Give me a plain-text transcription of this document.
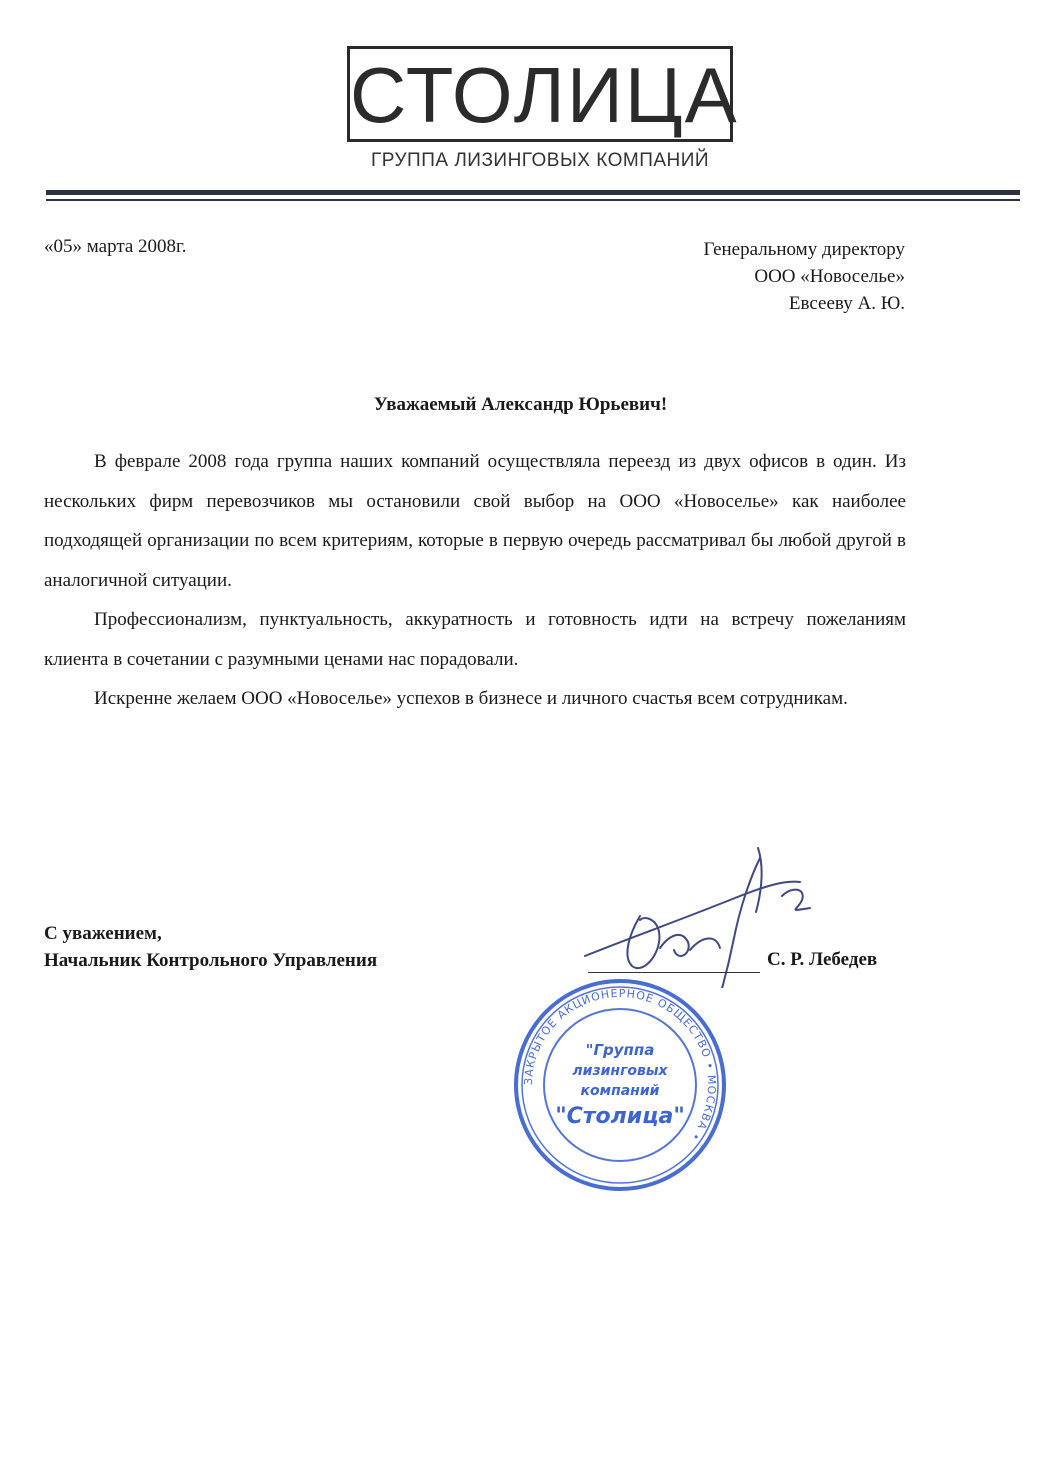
СТОЛИЦА
ГРУППА ЛИЗИНГОВЫХ КОМПАНИЙ
«05» марта 2008г.	Генеральному директору
ООО «Новоселье»
Евсееву А. Ю.
Уважаемый Александр Юрьевич!

В феврале 2008 года группа наших компаний осуществляла переезд из двух офисов в один. Из нескольких фирм перевозчиков мы остановили свой выбор на ООО «Новоселье» как наиболее подходящей организации по всем критериям, которые в первую очередь рассматривал бы любой другой в аналогичной ситуации.

Профессионализм, пунктуальность, аккуратность и готовность идти на встречу пожеланиям клиента в сочетании с разумными ценами нас порадовали.

Искренне желаем ООО «Новоселье» успехов в бизнесе и личного счастья всем сотрудникам.

С уважением,
Начальник Контрольного Управления	С. Р. Лебедев
ЗАКРЫТОЕ АКЦИОНЕРНОЕ ОБЩЕСТВО • МОСКВА •
"Группа
лизинговых
компаний
"Столица"
